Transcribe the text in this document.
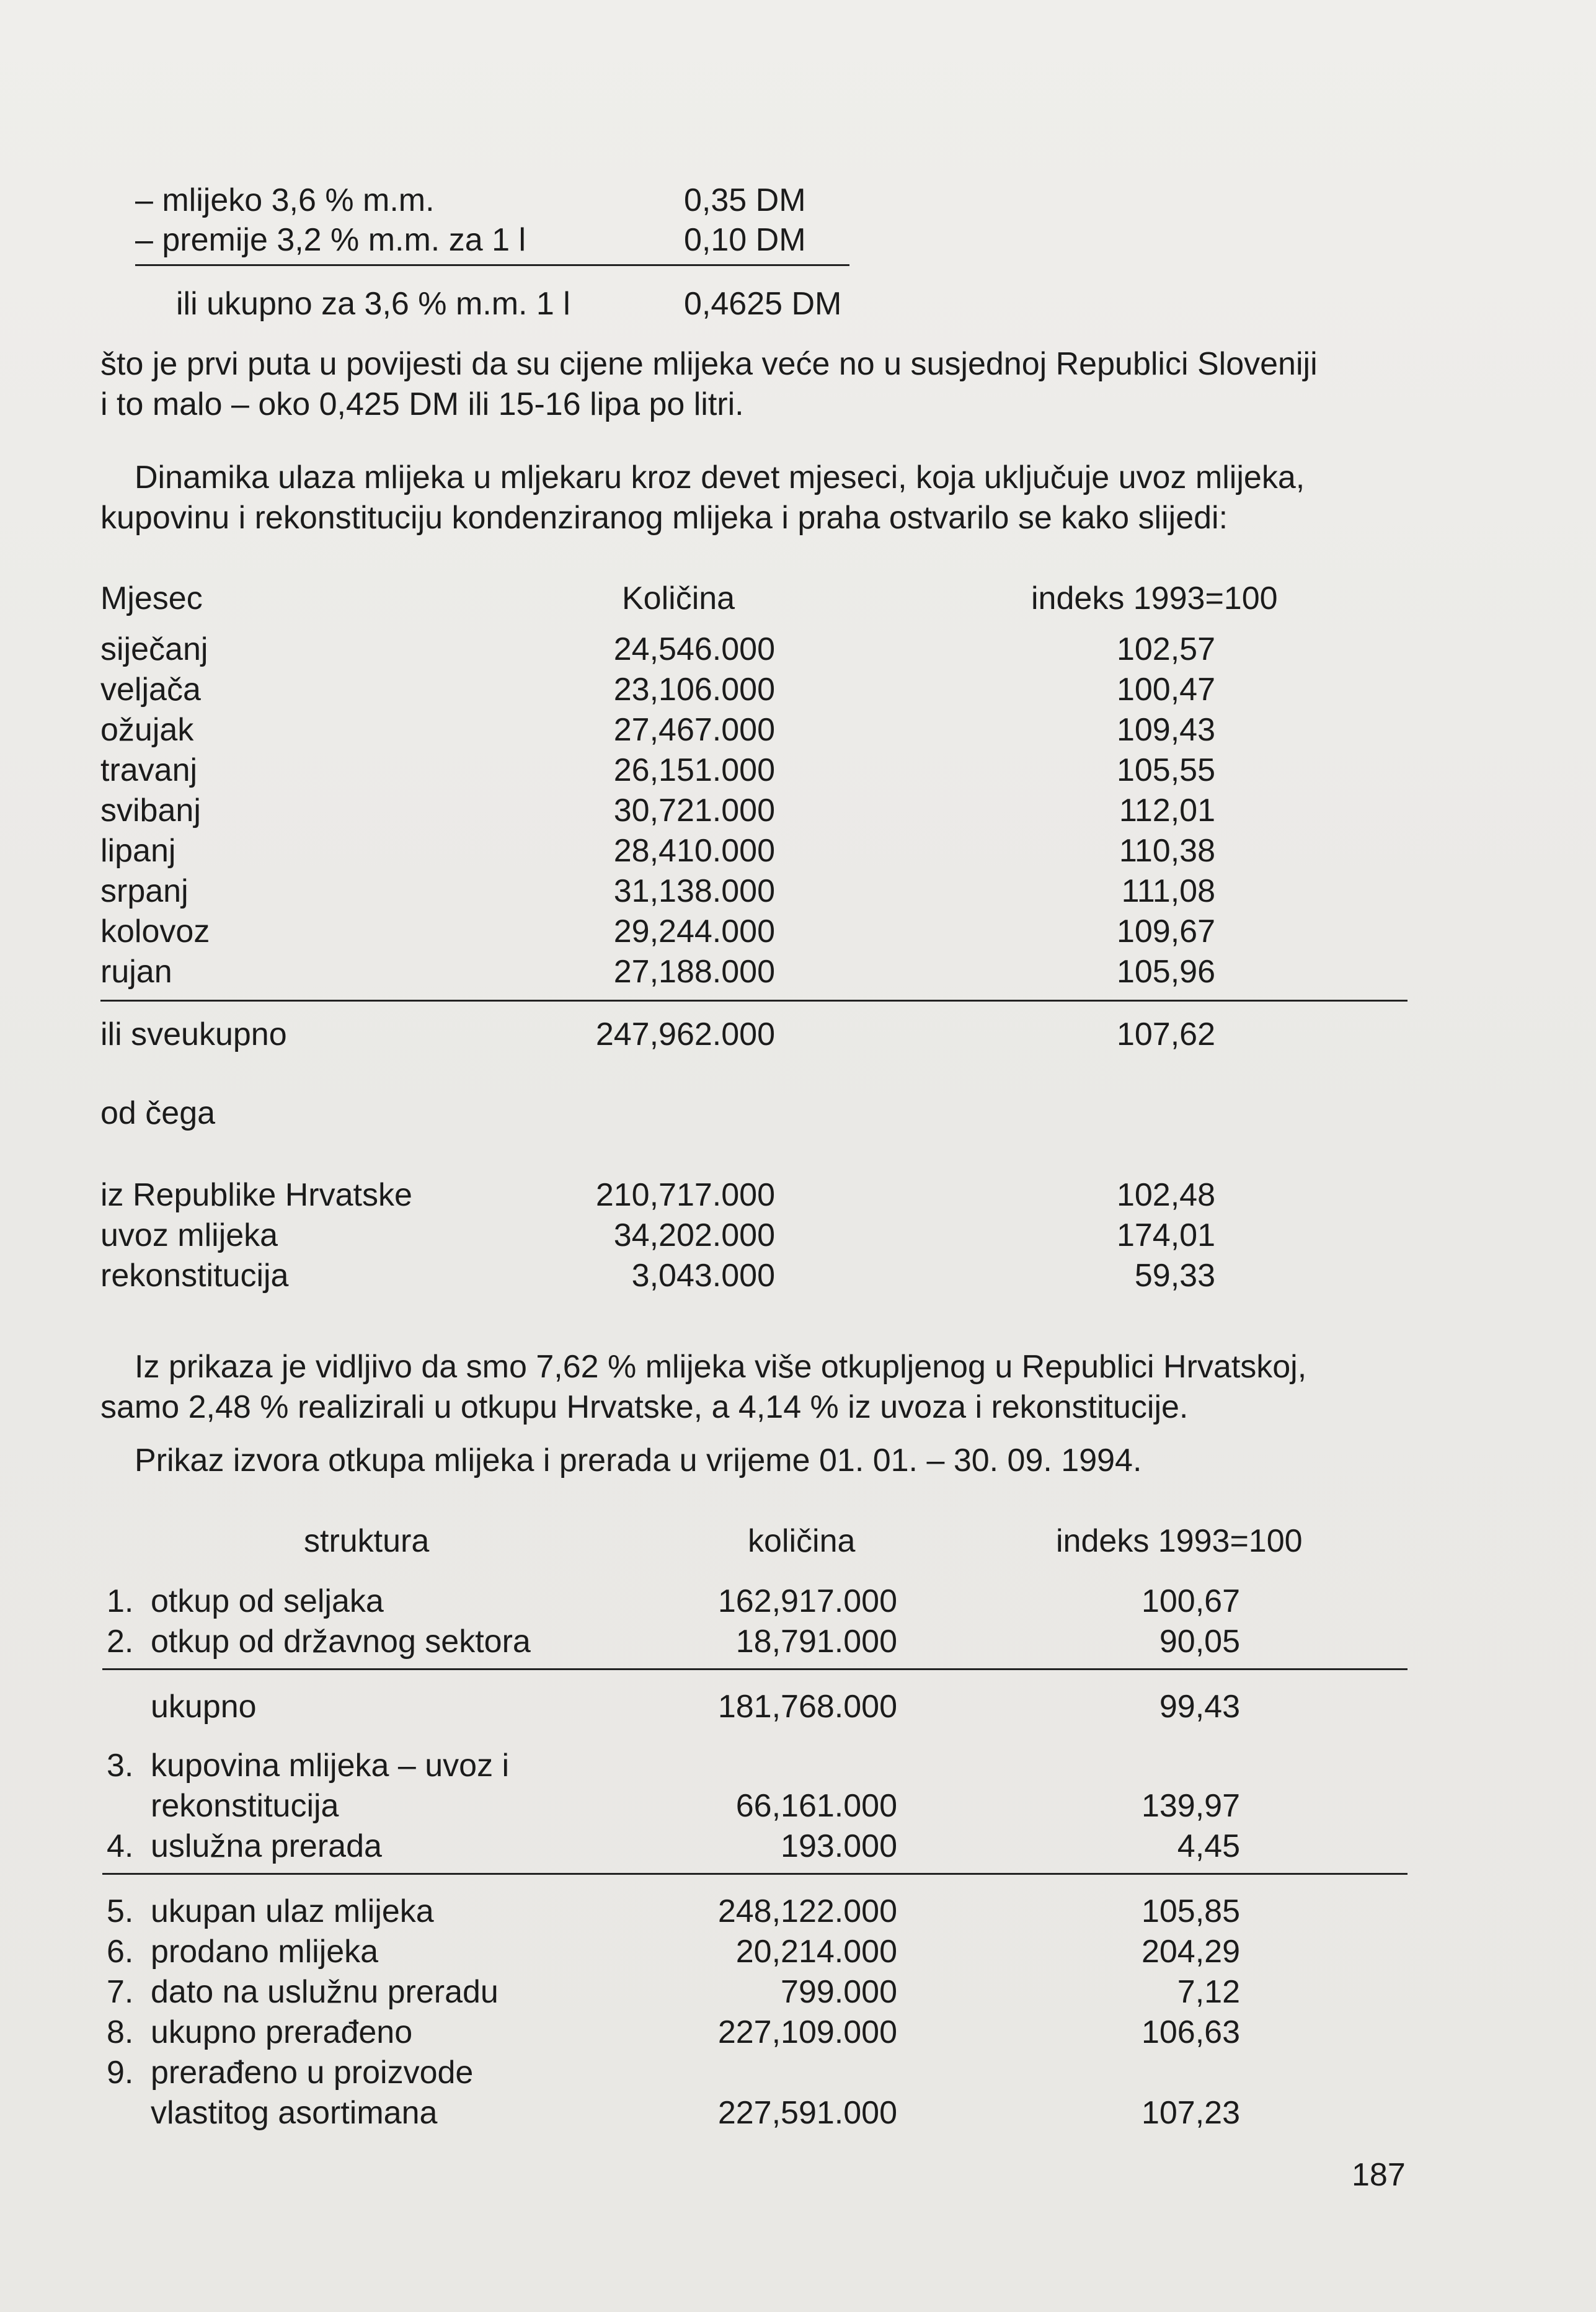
– mlijeko 3,6 % m.m.	0,35 DM
– premije 3,2 % m.m. za 1 l	0,10 DM
ili ukupno za 3,6 % m.m. 1 l	0,4625 DM
što je prvi puta u povijesti da su cijene mlijeka veće no u susjednoj Republici Sloveniji
i to malo – oko 0,425 DM ili 15-16 lipa po litri.
Dinamika ulaza mlijeka u mljekaru kroz devet mjeseci, koja uključuje uvoz mlijeka,
kupovinu i rekonstituciju kondenziranog mlijeka i praha ostvarilo se kako slijedi:
Mjesec	Količina	indeks 1993=100
siječanj	24,546.000	102,57
veljača	23,106.000	100,47
ožujak	27,467.000	109,43
travanj	26,151.000	105,55
svibanj	30,721.000	112,01
lipanj	28,410.000	110,38
srpanj	31,138.000	111,08
kolovoz	29,244.000	109,67
rujan	27,188.000	105,96
ili sveukupno	247,962.000	107,62
od čega
iz Republike Hrvatske	210,717.000	102,48
uvoz mlijeka	34,202.000	174,01
rekonstitucija	3,043.000	59,33
Iz prikaza je vidljivo da smo 7,62 % mlijeka više otkupljenog u Republici Hrvatskoj,
samo 2,48 % realizirali u otkupu Hrvatske, a 4,14 % iz uvoza i rekonstitucije.
Prikaz izvora otkupa mlijeka i prerada u vrijeme 01. 01. – 30. 09. 1994.
struktura	količina	indeks 1993=100
1. otkup od seljaka	162,917.000	100,67
2. otkup od državnog sektora	18,791.000	90,05
ukupno	181,768.000	99,43
3. kupovina mlijeka – uvoz i
rekonstitucija	66,161.000	139,97
4. uslužna prerada	193.000	4,45
5. ukupan ulaz mlijeka	248,122.000	105,85
6. prodano mlijeka	20,214.000	204,29
7. dato na uslužnu preradu	799.000	7,12
8. ukupno prerađeno	227,109.000	106,63
9. prerađeno u proizvode
vlastitog asortimana	227,591.000	107,23
187
